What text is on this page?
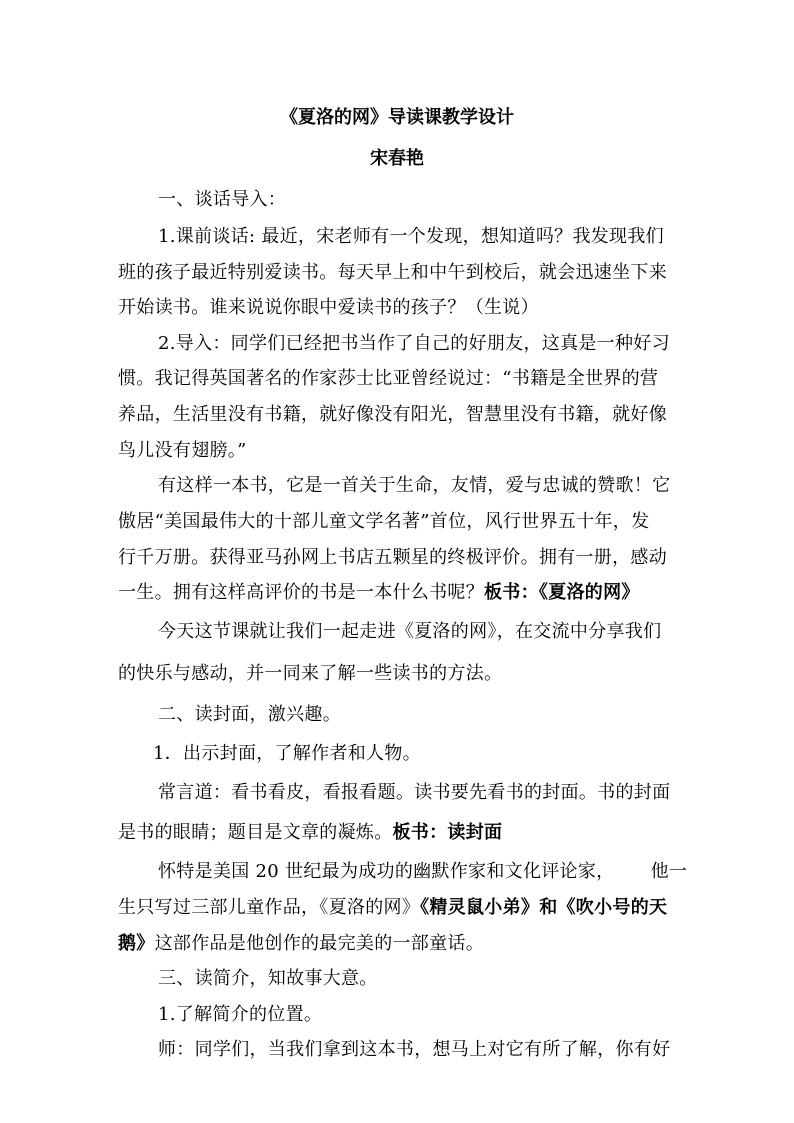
《夏洛的网》导读课教学设计
宋春艳
一、谈话导入：
1.课前谈话: 最近，宋老师有一个发现，想知道吗？我发现我们
班的孩子最近特别爱读书。每天早上和中午到校后，就会迅速坐下来
开始读书。谁来说说你眼中爱读书的孩子？（生说）
2.导入：同学们已经把书当作了自己的好朋友，这真是一种好习
惯。我记得英国著名的作家莎士比亚曾经说过：“书籍是全世界的营
养品，生活里没有书籍，就好像没有阳光，智慧里没有书籍，就好像
鸟儿没有翅膀。”
有这样一本书，它是一首关于生命，友情，爱与忠诚的赞歌！它
傲居“美国最伟大的十部儿童文学名著”首位，风行世界五十年，发
行千万册。获得亚马孙网上书店五颗星的终极评价。拥有一册，感动
一生。拥有这样高评价的书是一本什么书呢？板书：《夏洛的网》
今天这节课就让我们一起走进《夏洛的网》，在交流中分享我们
的快乐与感动，并一同来了解一些读书的方法。
二、读封面，激兴趣。
1．出示封面，了解作者和人物。
常言道：看书看皮，看报看题。读书要先看书的封面。书的封面
是书的眼睛；题目是文章的凝炼。板书：读封面
怀特是美国 20 世纪最为成功的幽默作家和文化评论家，      他一
生只写过三部儿童作品，《夏洛的网》《精灵鼠小弟》和《吹小号的天
鹅》这部作品是他创作的最完美的一部童话。
三、读简介，知故事大意。
1.了解简介的位置。
师：同学们，当我们拿到这本书，想马上对它有所了解，你有好
